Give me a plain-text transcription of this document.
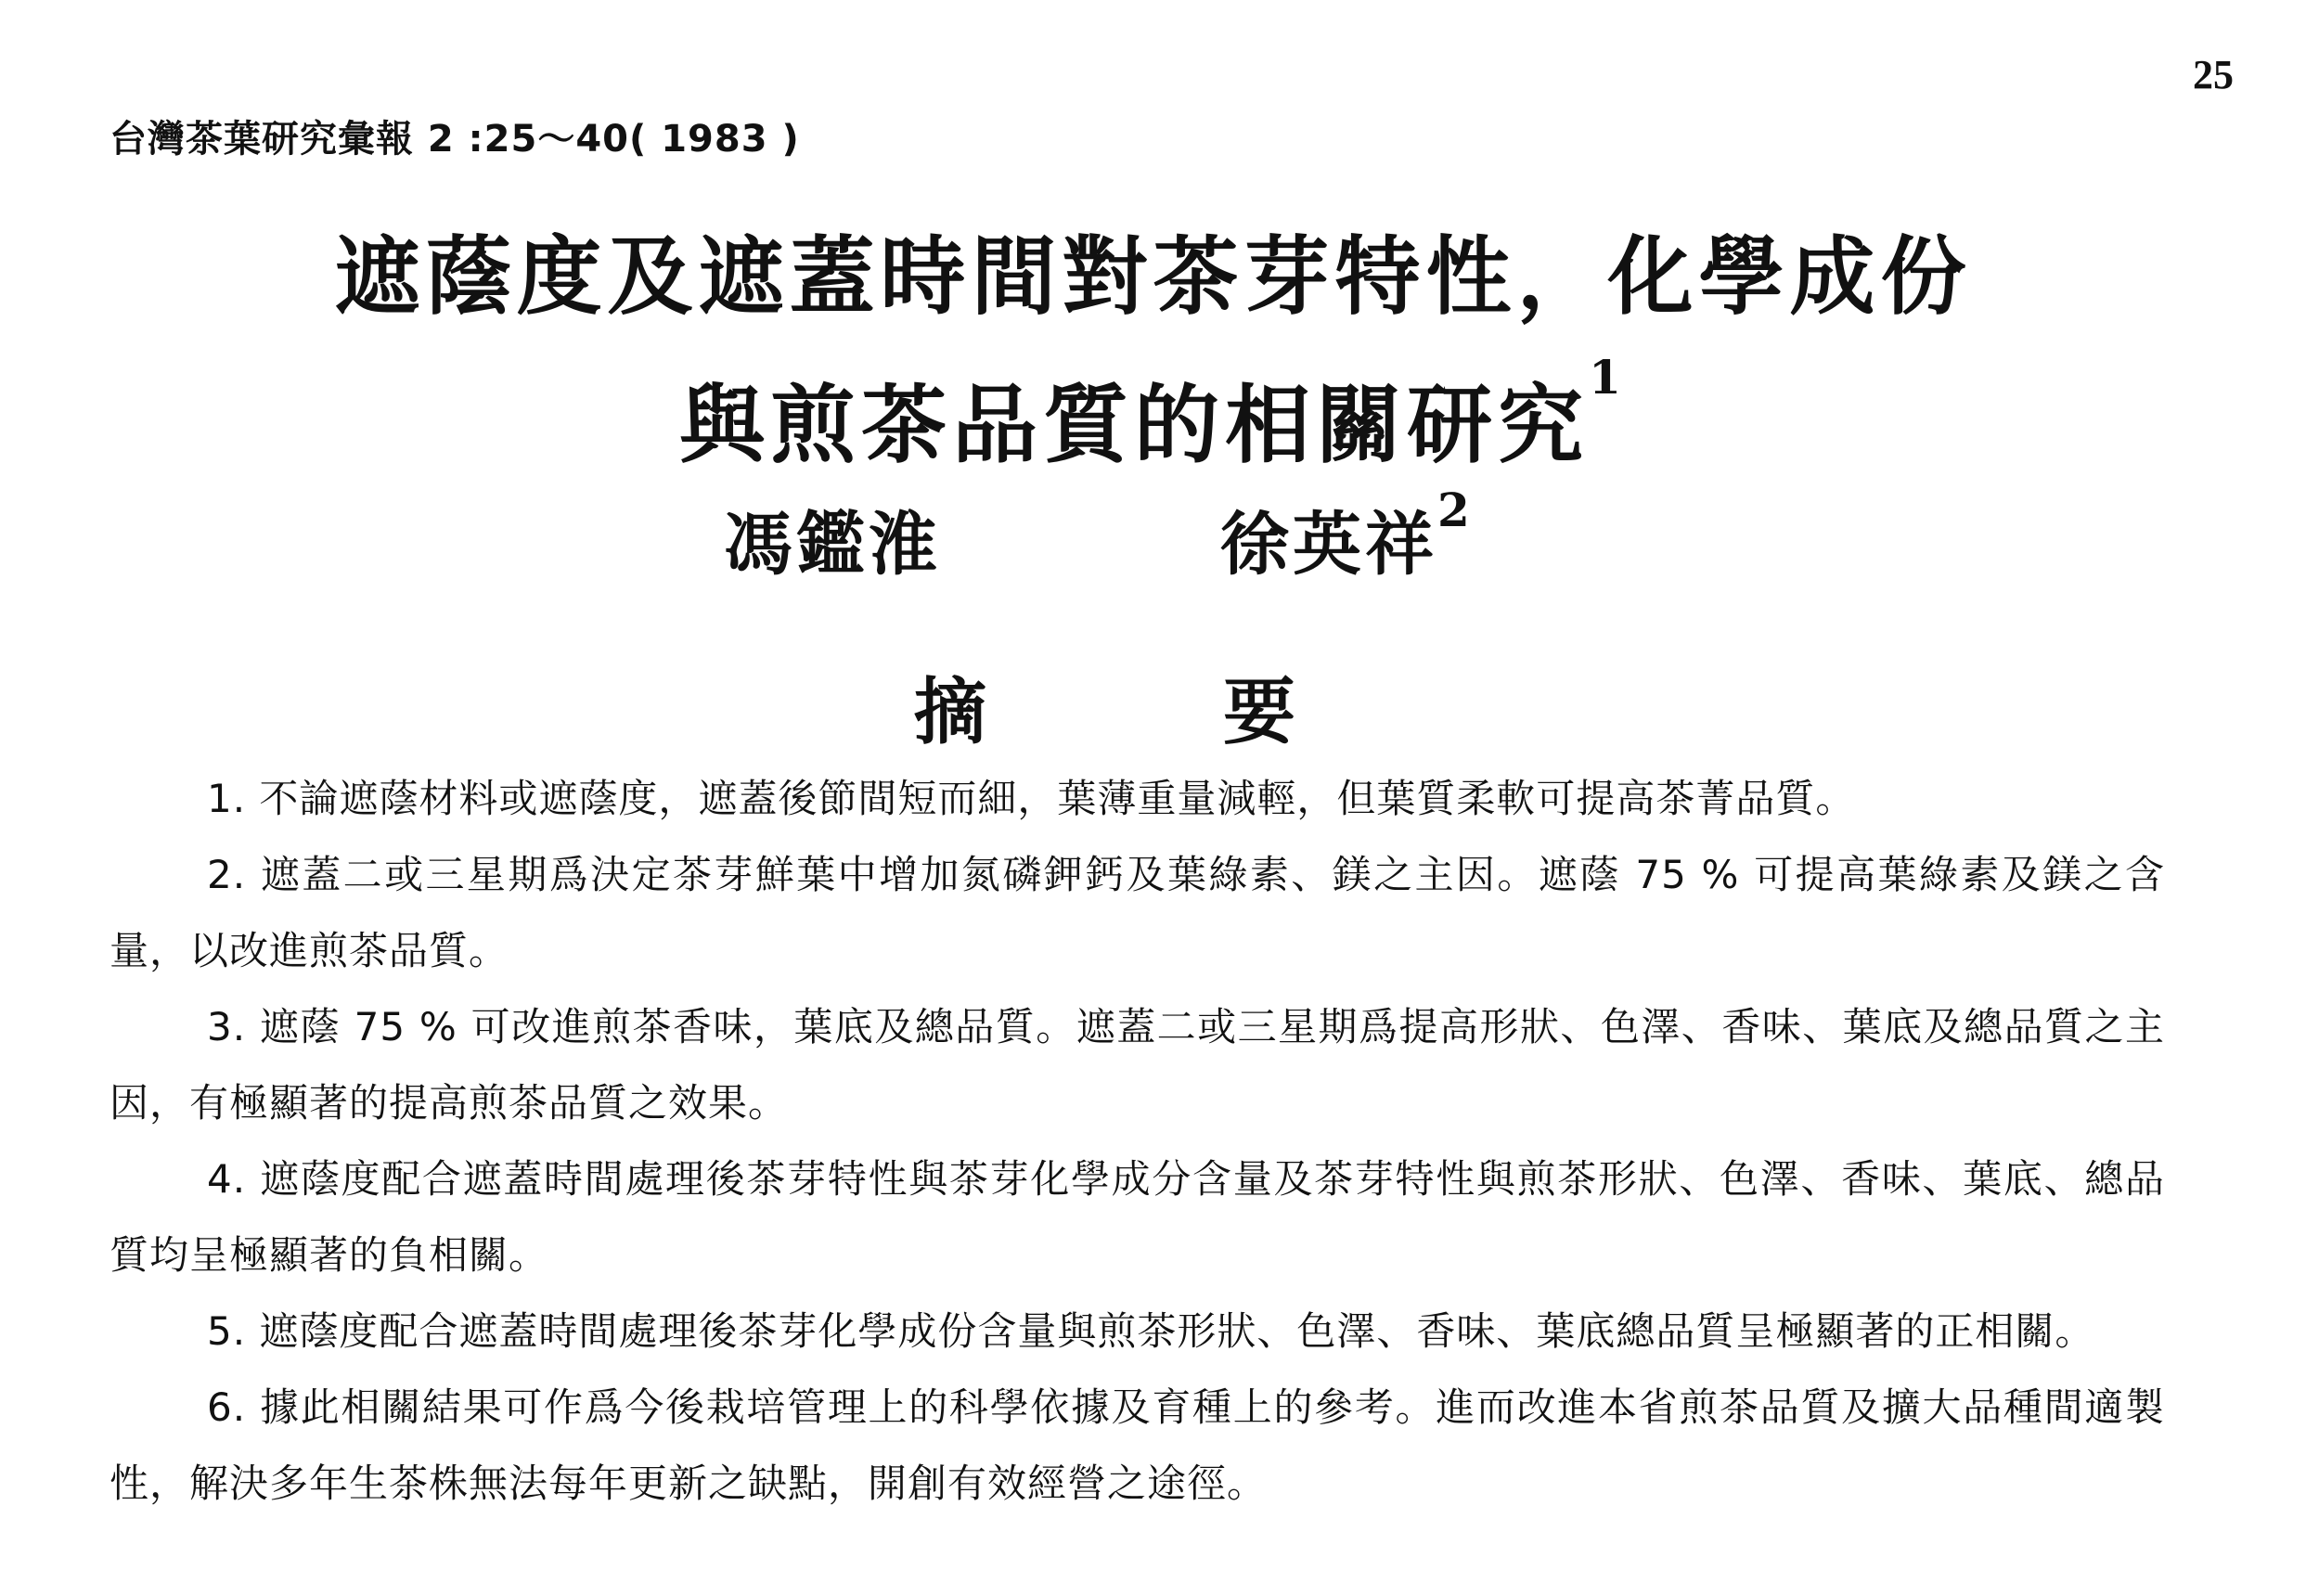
25
台灣茶葉研究彙報 2 :25～40( 1983 )
遮蔭度及遮蓋時間對茶芽特性，化學成份
與煎茶品質的相關研究$^1$
馮鑑淮	徐英祥$^2$
摘	要

1. 不論遮蔭材料或遮蔭度，遮蓋後節間短而細，葉薄重量減輕，但葉質柔軟可提高茶菁品質。

2. 遮蓋二或三星期爲決定茶芽鮮葉中增加氮磷鉀鈣及葉綠素、鎂之主因。遮蔭 75 % 可提高葉綠素及鎂之含量，以改進煎茶品質。

3. 遮蔭 75 % 可改進煎茶香味，葉底及總品質。遮蓋二或三星期爲提高形狀、色澤、香味、葉底及總品質之主因，有極顯著的提高煎茶品質之效果。

4. 遮蔭度配合遮蓋時間處理後茶芽特性與茶芽化學成分含量及茶芽特性與煎茶形狀、色澤、香味、葉底、總品質均呈極顯著的負相關。

5. 遮蔭度配合遮蓋時間處理後茶芽化學成份含量與煎茶形狀、色澤、香味、葉底總品質呈極顯著的正相關。

6. 據此相關結果可作爲今後栽培管理上的科學依據及育種上的參考。進而改進本省煎茶品質及擴大品種間適製性，解決多年生茶株無法每年更新之缺點，開創有效經營之途徑。
